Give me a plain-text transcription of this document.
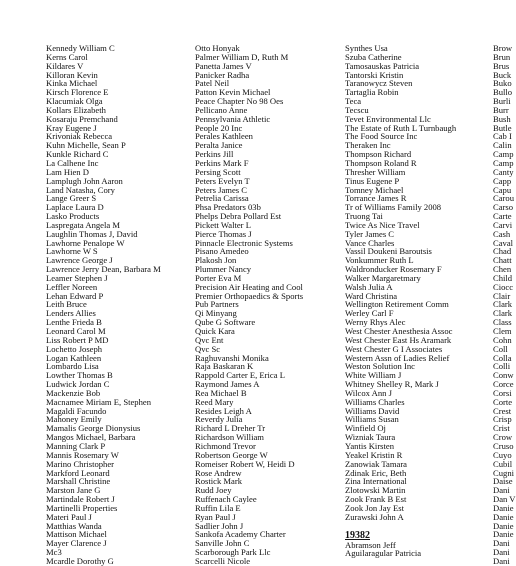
Kennedy William C
Kerns Carol
Kildares V
Killoran Kevin
Kinka Michael
Kirsch Florence E
Klacumiak Olga
Kollars Elizabeth
Kosaraju Premchand
Kray Eugene J
Krivoniak Rebecca
Kuhn Michelle, Sean P
Kunkle Richard C
La Calhene Inc
Lam Hien D
Lamplugh John Aaron
Land Natasha, Cory
Lange Greer S
Laplace Laura D
Lasko Products
Laspregata Angela M
Laughlin Thomas J, David
Lawhorne Penalope W
Lawhorne W S
Lawrence George J
Lawrence Jerry Dean, Barbara M
Leamer Stephen J
Leffler Noreen
Lehan Edward P
Leith Bruce
Lenders Allies
Lenthe Frieda B
Leonard Carol M
Liss Robert P MD
Lochetto Joseph
Logan Kathleen
Lombardo Lisa
Lowther Thomas B
Ludwick Jordan C
Mackenzie Bob
Macnamee Miriam E, Stephen
Magaldi Facundo
Mahoney Emily
Mamalis George Dionysius
Mangos Michael, Barbara
Manning Clark P
Mannis Rosemary W
Marino Christopher
Markford Leonard
Marshall Christine
Marston Jane G
Martindale Robert J
Martinelli Properties
Materi Paul J
Matthias Wanda
Mattison Michael
Mayer Clarence J
Mc3
Mcardle Dorothy G
Otto Honyak
Palmer William D, Ruth M
Panetta James V
Panicker Radha
Patel Neil
Patton Kevin Michael
Peace Chapter No 98 Oes
Pellicano Anne
Pennsylvania Athletic
People 20 Inc
Perales Kathleen
Peralta Janice
Perkins Jill
Perkins Mark F
Persing Scott
Peters Evelyn T
Peters James C
Petrelia Carissa
Phsa Predators 03b
Phelps Debra Pollard Est
Pickett Walter L
Pierce Thomas J
Pinnacle Electronic Systems
Pisano Amedeo
Plakosh Jon
Plummer Nancy
Porter Eva M
Precision Air Heating and Cool
Premier Orthopaedics & Sports
Pub Partners
Qi Minyang
Qube G Software
Quick Kara
Qvc Ent
Qvc Sc
Raghuvanshi Monika
Raja Baskaran K
Rappold Carter E, Erica L
Raymond James A
Rea Michael B
Reed Mary
Resides Leigh A
Reverdy Julia
Richard L Dreher Tr
Richardson William
Richmond Trevor
Robertson George W
Romeiser Robert W, Heidi D
Rose Andrew
Rostick Mark
Rudd Joey
Ruffenach Caylee
Ruffin Lila E
Ryan Paul J
Sadlier John J
Sankofa Academy Charter
Sanville John C
Scarborough Park Llc
Scarcelli Nicole
Synthes Usa
Szuba Catherine
Tamosauskas Patricia
Tantorski Kristin
Taranowycz Steven
Tartaglia Robin
Teca
Tecscu
Tevet Environmental Llc
The Estate of Ruth L Turnbaugh
The Food Source Inc
Theraken Inc
Thompson Richard
Thompson Roland R
Thresher William
Tinus Eugene P
Tomney Michael
Torrance James R
Tr of Williams Family 2008
Truong Tai
Twice As Nice Travel
Tyler James C
Vance Charles
Vassil Doukeni Baroutsis
Vonkummer Ruth L
Waldronducker Rosemary F
Walker Margaretmary
Walsh Julia A
Ward Christina
Wellington Retirement Comm
Werley Carl F
Werny Rhys Alec
West Chester Anesthesia Assoc
West Chester East Hs Aramark
West Chester G I Associates
Western Assn of Ladies Relief
Weston Solution Inc
White William J
Whitney Shelley R, Mark J
Wilcox Ann J
Williams Charles
Williams David
Williams Susan
Winfield Oj
Wizniak Taura
Yantis Kirsten
Yeakel Kristin R
Zanowiak Tamara
Zdinak Eric, Beth
Zina International
Zlotowski Martin
Zook Frank B Est
Zook Jon Jay Est
Zurawski John A
19382
Abramson Jeff
Aguilaragular Patricia
Brow
Brun
Brus
Buck
Buko
Bullo
Burli
Burr
Bush
Butle
Cab I
Calin
Camp
Camp
Canty
Capp
Capu
Carou
Carso
Carte
Carvi
Cash
Caval
Chad
Chatt
Chen
Child
Ciocc
Clair
Clark
Clark
Class
Clem
Cohn
Coll
Colla
Colli
Conw
Corce
Corsi
Corte
Crest
Crisp
Crist
Crow
Cruso
Cuyo
Cubil
Cugni
Daise
Dani
Dan V
Danie
Danie
Danie
Danie
Dani
Dani
Dani
